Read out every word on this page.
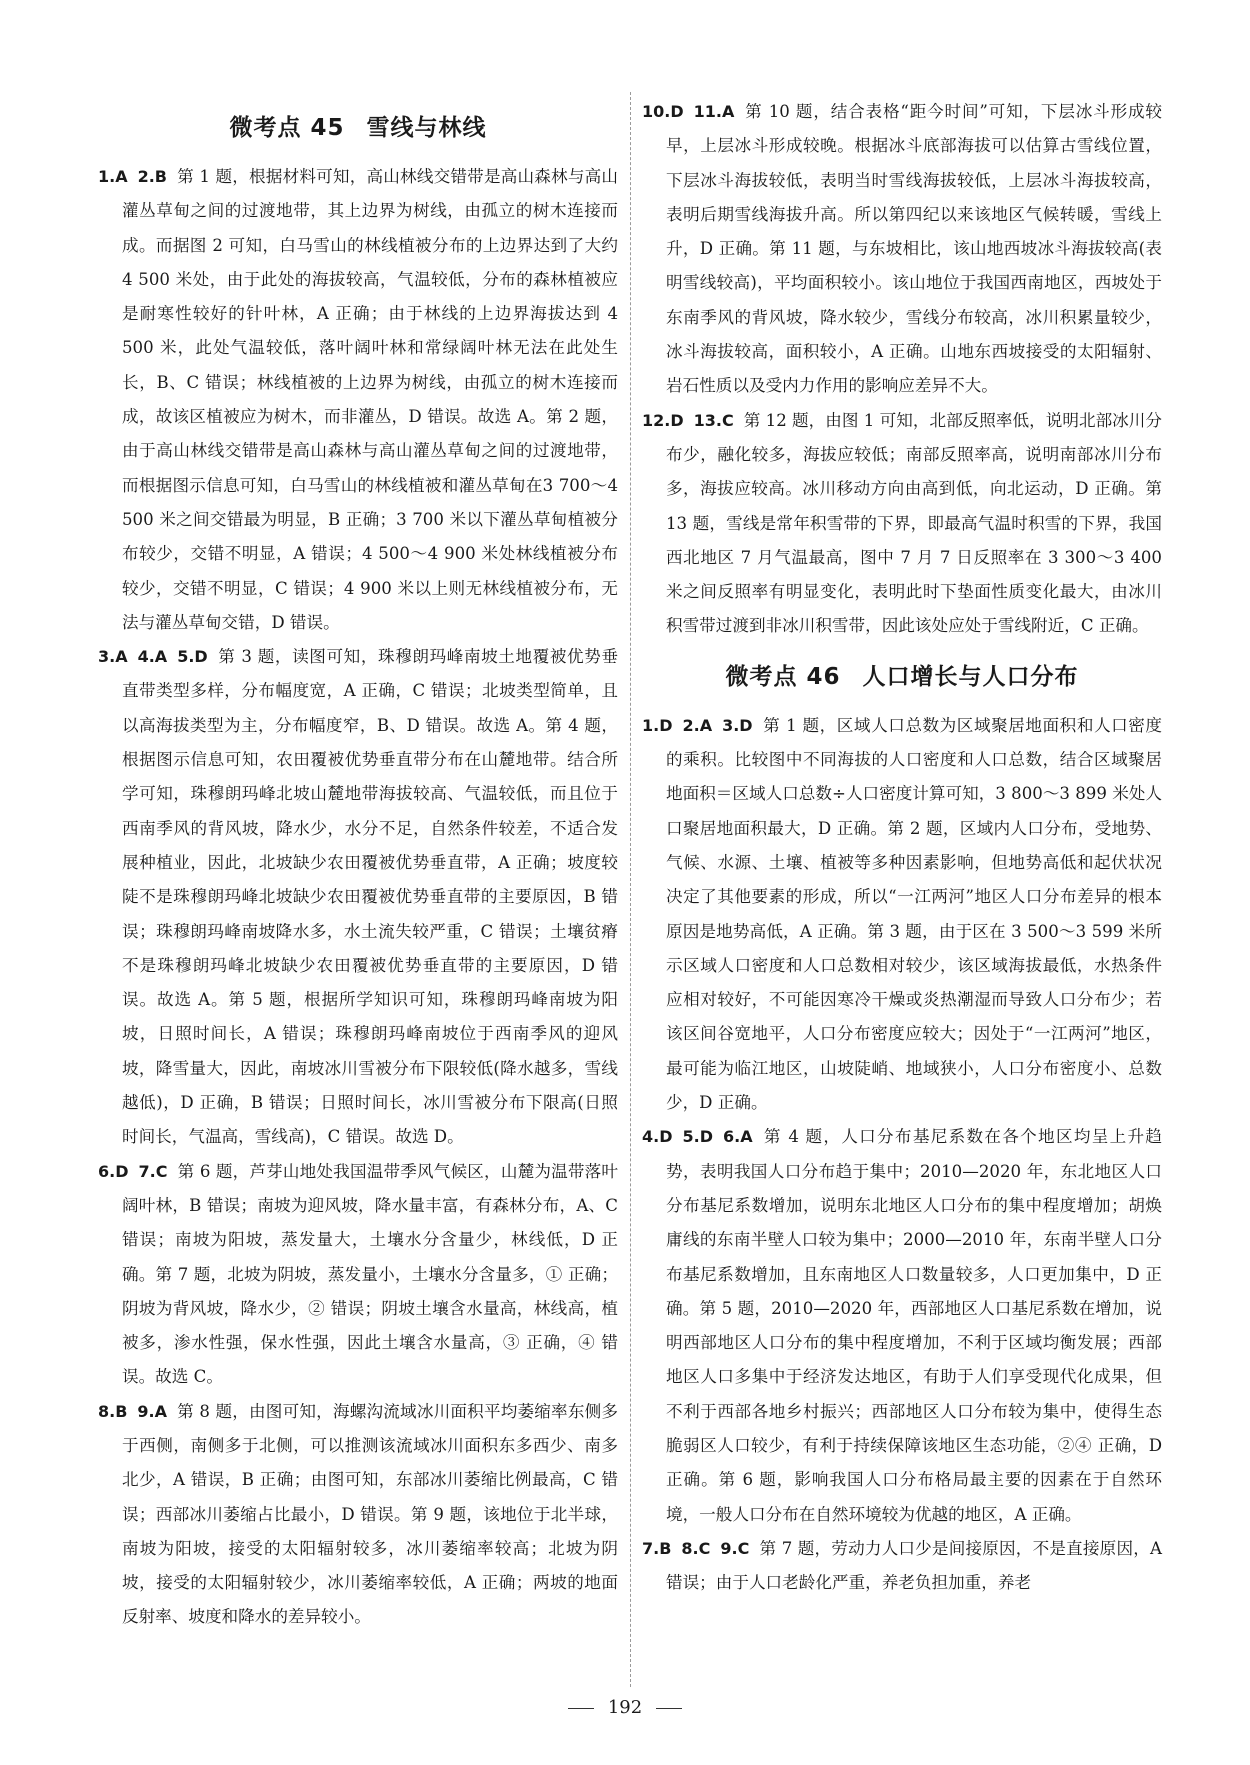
微考点 45 雪线与林线

1.A 2.B 第 1 题，根据材料可知，高山林线交错带是高山森林与高山灌丛草甸之间的过渡地带，其上边界为树线，由孤立的树木连接而成。而据图 2 可知，白马雪山的林线植被分布的上边界达到了大约 4 500 米处，由于此处的海拔较高，气温较低，分布的森林植被应是耐寒性较好的针叶林，A 正确；由于林线的上边界海拔达到 4 500 米，此处气温较低，落叶阔叶林和常绿阔叶林无法在此处生长，B、C 错误；林线植被的上边界为树线，由孤立的树木连接而成，故该区植被应为树木，而非灌丛，D 错误。故选 A。第 2 题，由于高山林线交错带是高山森林与高山灌丛草甸之间的过渡地带，而根据图示信息可知，白马雪山的林线植被和灌丛草甸在3 700～4 500 米之间交错最为明显，B 正确；3 700 米以下灌丛草甸植被分布较少，交错不明显，A 错误；4 500～4 900 米处林线植被分布较少，交错不明显，C 错误；4 900 米以上则无林线植被分布，无法与灌丛草甸交错，D 错误。

3.A 4.A 5.D 第 3 题，读图可知，珠穆朗玛峰南坡土地覆被优势垂直带类型多样，分布幅度宽，A 正确，C 错误；北坡类型简单，且以高海拔类型为主，分布幅度窄，B、D 错误。故选 A。第 4 题，根据图示信息可知，农田覆被优势垂直带分布在山麓地带。结合所学可知，珠穆朗玛峰北坡山麓地带海拔较高、气温较低，而且位于西南季风的背风坡，降水少，水分不足，自然条件较差，不适合发展种植业，因此，北坡缺少农田覆被优势垂直带，A 正确；坡度较陡不是珠穆朗玛峰北坡缺少农田覆被优势垂直带的主要原因，B 错误；珠穆朗玛峰南坡降水多，水土流失较严重，C 错误；土壤贫瘠不是珠穆朗玛峰北坡缺少农田覆被优势垂直带的主要原因，D 错误。故选 A。第 5 题，根据所学知识可知，珠穆朗玛峰南坡为阳坡，日照时间长，A 错误；珠穆朗玛峰南坡位于西南季风的迎风坡，降雪量大，因此，南坡冰川雪被分布下限较低(降水越多，雪线越低)，D 正确，B 错误；日照时间长，冰川雪被分布下限高(日照时间长，气温高，雪线高)，C 错误。故选 D。

6.D 7.C 第 6 题，芦芽山地处我国温带季风气候区，山麓为温带落叶阔叶林，B 错误；南坡为迎风坡，降水量丰富，有森林分布，A、C 错误；南坡为阳坡，蒸发量大，土壤水分含量少，林线低，D 正确。第 7 题，北坡为阴坡，蒸发量小，土壤水分含量多，① 正确；阴坡为背风坡，降水少，② 错误；阴坡土壤含水量高，林线高，植被多，渗水性强，保水性强，因此土壤含水量高，③ 正确，④ 错误。故选 C。

8.B 9.A 第 8 题，由图可知，海螺沟流域冰川面积平均萎缩率东侧多于西侧，南侧多于北侧，可以推测该流域冰川面积东多西少、南多北少，A 错误，B 正确；由图可知，东部冰川萎缩比例最高，C 错误；西部冰川萎缩占比最小，D 错误。第 9 题，该地位于北半球，南坡为阳坡，接受的太阳辐射较多，冰川萎缩率较高；北坡为阴坡，接受的太阳辐射较少，冰川萎缩率较低，A 正确；两坡的地面反射率、坡度和降水的差异较小。

10.D 11.A 第 10 题，结合表格“距今时间”可知，下层冰斗形成较早，上层冰斗形成较晚。根据冰斗底部海拔可以估算古雪线位置，下层冰斗海拔较低，表明当时雪线海拔较低，上层冰斗海拔较高，表明后期雪线海拔升高。所以第四纪以来该地区气候转暖，雪线上升，D 正确。第 11 题，与东坡相比，该山地西坡冰斗海拔较高(表明雪线较高)，平均面积较小。该山地位于我国西南地区，西坡处于东南季风的背风坡，降水较少，雪线分布较高，冰川积累量较少，冰斗海拔较高，面积较小，A 正确。山地东西坡接受的太阳辐射、岩石性质以及受内力作用的影响应差异不大。

12.D 13.C 第 12 题，由图 1 可知，北部反照率低，说明北部冰川分布少，融化较多，海拔应较低；南部反照率高，说明南部冰川分布多，海拔应较高。冰川移动方向由高到低，向北运动，D 正确。第 13 题，雪线是常年积雪带的下界，即最高气温时积雪的下界，我国西北地区 7 月气温最高，图中 7 月 7 日反照率在 3 300～3 400 米之间反照率有明显变化，表明此时下垫面性质变化最大，由冰川积雪带过渡到非冰川积雪带，因此该处应处于雪线附近，C 正确。

微考点 46 人口增长与人口分布

1.D 2.A 3.D 第 1 题，区域人口总数为区域聚居地面积和人口密度的乘积。比较图中不同海拔的人口密度和人口总数，结合区域聚居地面积＝区域人口总数÷人口密度计算可知，3 800～3 899 米处人口聚居地面积最大，D 正确。第 2 题，区域内人口分布，受地势、气候、水源、土壤、植被等多种因素影响，但地势高低和起伏状况决定了其他要素的形成，所以“一江两河”地区人口分布差异的根本原因是地势高低，A 正确。第 3 题，由于区在 3 500～3 599 米所示区域人口密度和人口总数相对较少，该区域海拔最低，水热条件应相对较好，不可能因寒冷干燥或炎热潮湿而导致人口分布少；若该区间谷宽地平，人口分布密度应较大；因处于“一江两河”地区，最可能为临江地区，山坡陡峭、地域狭小，人口分布密度小、总数少，D 正确。

4.D 5.D 6.A 第 4 题，人口分布基尼系数在各个地区均呈上升趋势，表明我国人口分布趋于集中；2010—2020 年，东北地区人口分布基尼系数增加，说明东北地区人口分布的集中程度增加；胡焕庸线的东南半壁人口较为集中；2000—2010 年，东南半壁人口分布基尼系数增加，且东南地区人口数量较多，人口更加集中，D 正确。第 5 题，2010—2020 年，西部地区人口基尼系数在增加，说明西部地区人口分布的集中程度增加，不利于区域均衡发展；西部地区人口多集中于经济发达地区，有助于人们享受现代化成果，但不利于西部各地乡村振兴；西部地区人口分布较为集中，使得生态脆弱区人口较少，有利于持续保障该地区生态功能，②④ 正确，D 正确。第 6 题，影响我国人口分布格局最主要的因素在于自然环境，一般人口分布在自然环境较为优越的地区，A 正确。

7.B 8.C 9.C 第 7 题，劳动力人口少是间接原因，不是直接原因，A 错误；由于人口老龄化严重，养老负担加重，养老

192
